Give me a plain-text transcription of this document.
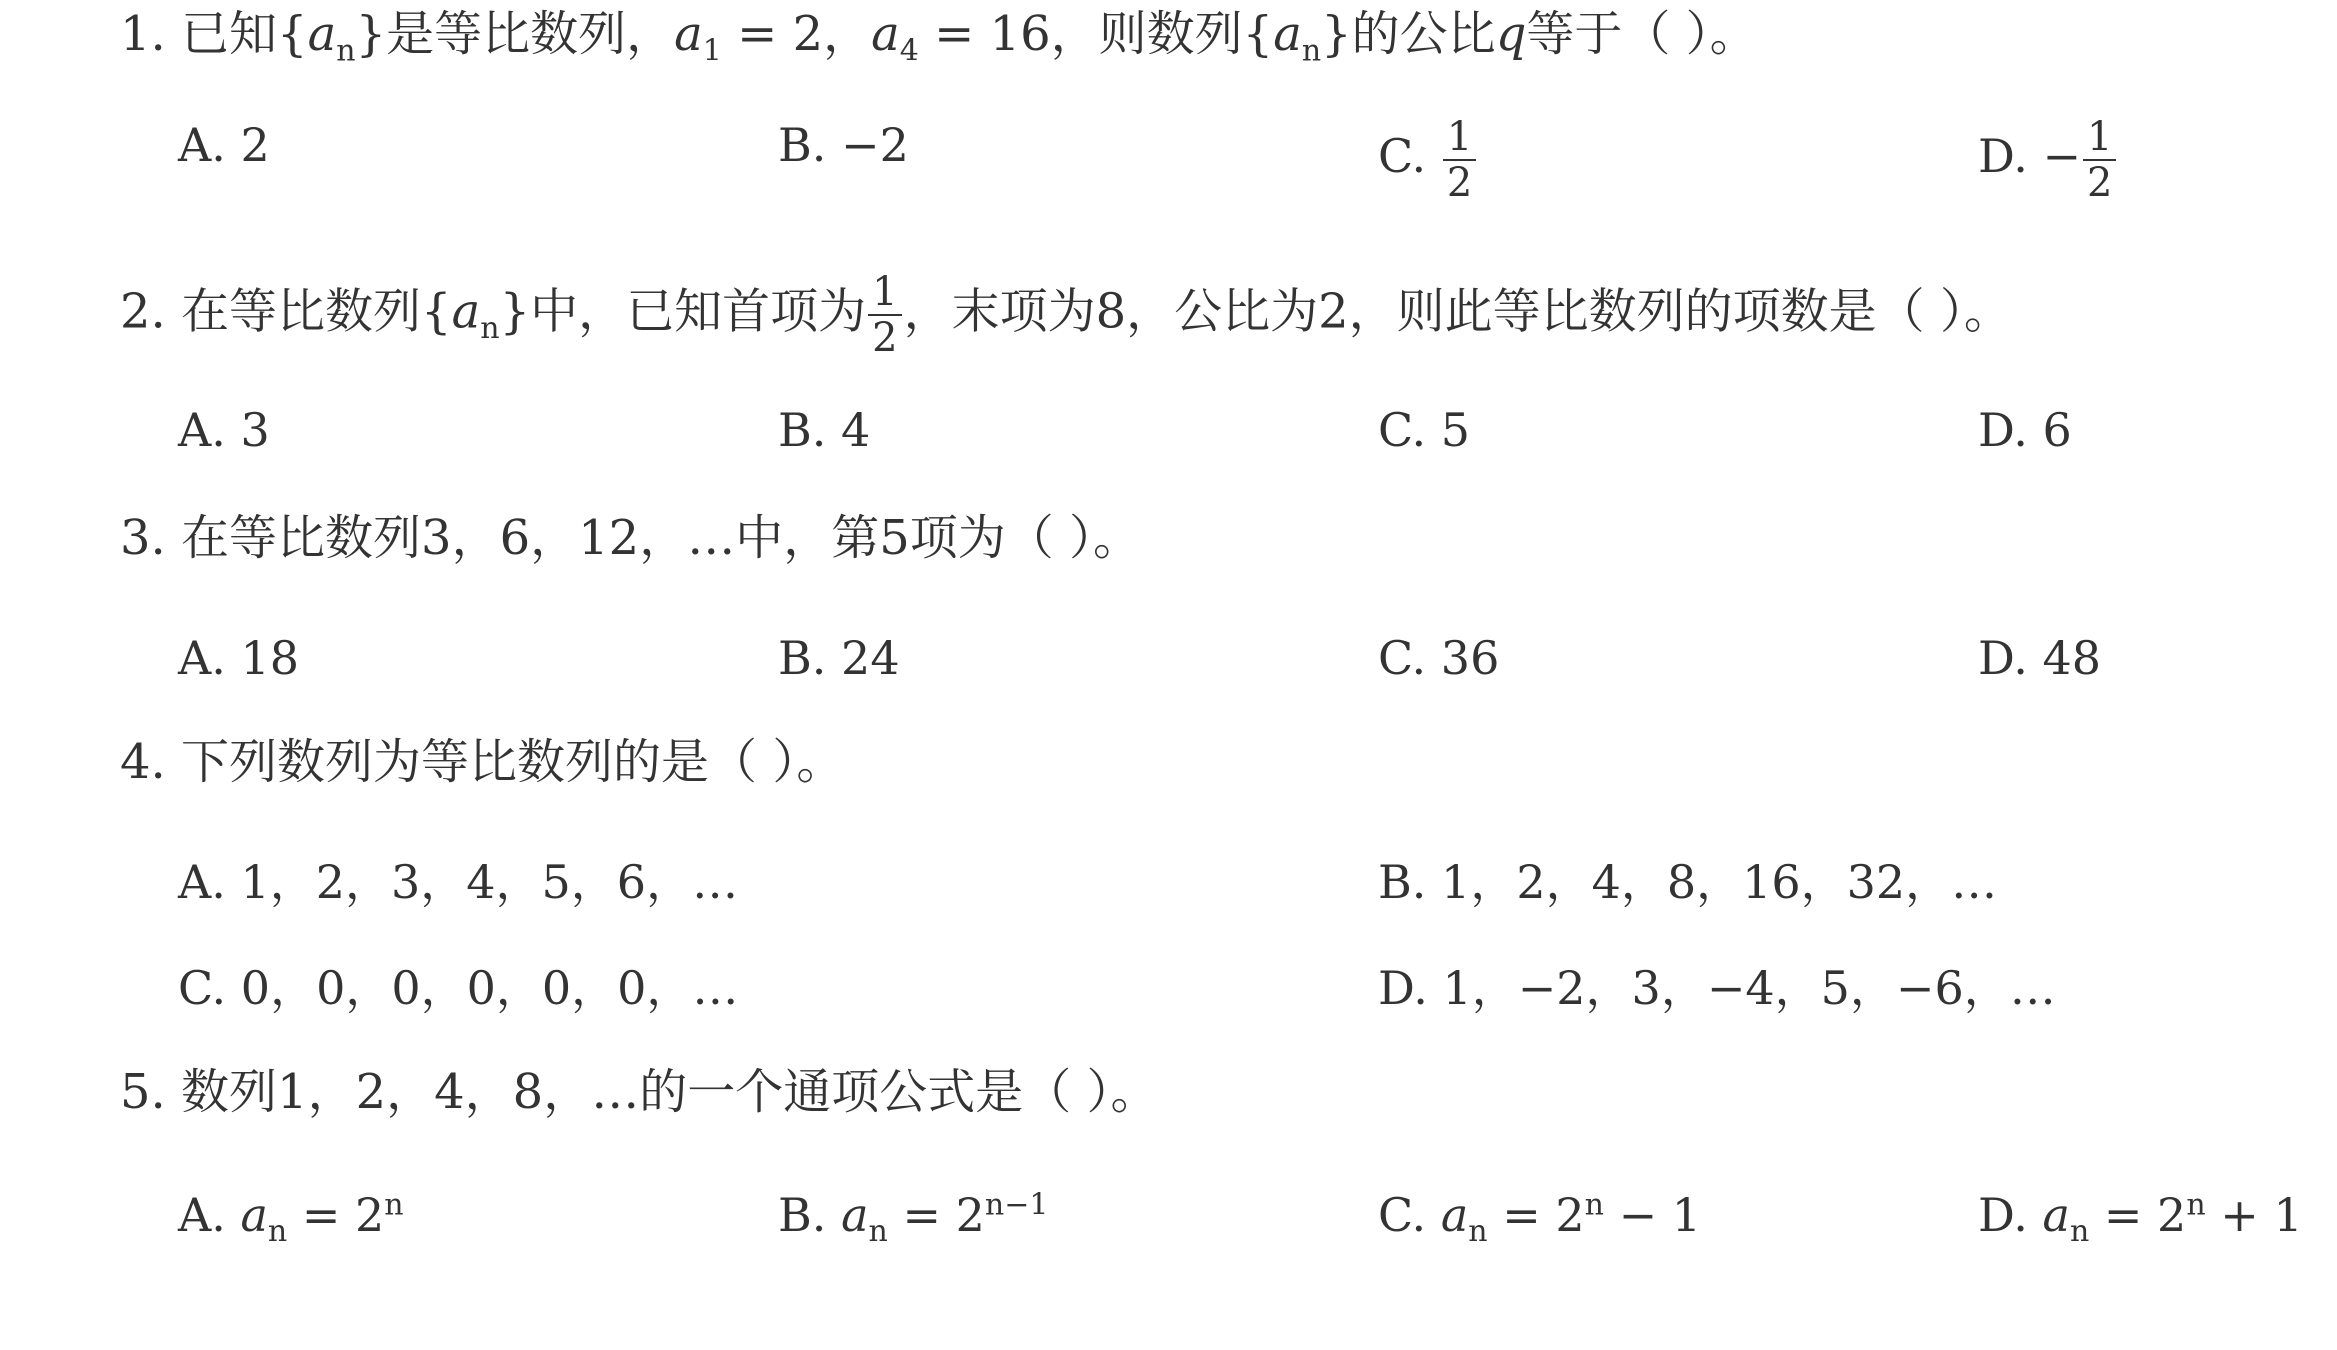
1. 已知$\{a_n\}$是等比数列，$a_1 = 2$，$a_4 = 16$，则数列$\{a_n\}$的公比q等于（ ）。
A. 2	B. −2	C. $\frac{1}{2}$	D. − $\frac{1}{2}$
2. 在等比数列$\{a_n\}$中，已知首项为 $\frac{1}{2}$ ，末项为8，公比为2，则此等比数列的项数是（ ）。
A. 3	B. 4	C. 5	D. 6
3. 在等比数列3，6，12，…中，第5项为（ ）。
A. 18	B. 24	C. 36	D. 48
4. 下列数列为等比数列的是（ ）。
A. 1，2，3，4，5，6，…	B. 1，2，4，8，16，32，…
C. 0，0，0，0，0，0，…	D. 1，−2，3，−4，5，−6，…
5. 数列1，2，4，8，…的一个通项公式是（ ）。
A. $a_n = 2^n$	B. $a_n = 2^{n-1}$	C. $a_n = 2^n - 1$	D. $a_n = 2^n + 1$
